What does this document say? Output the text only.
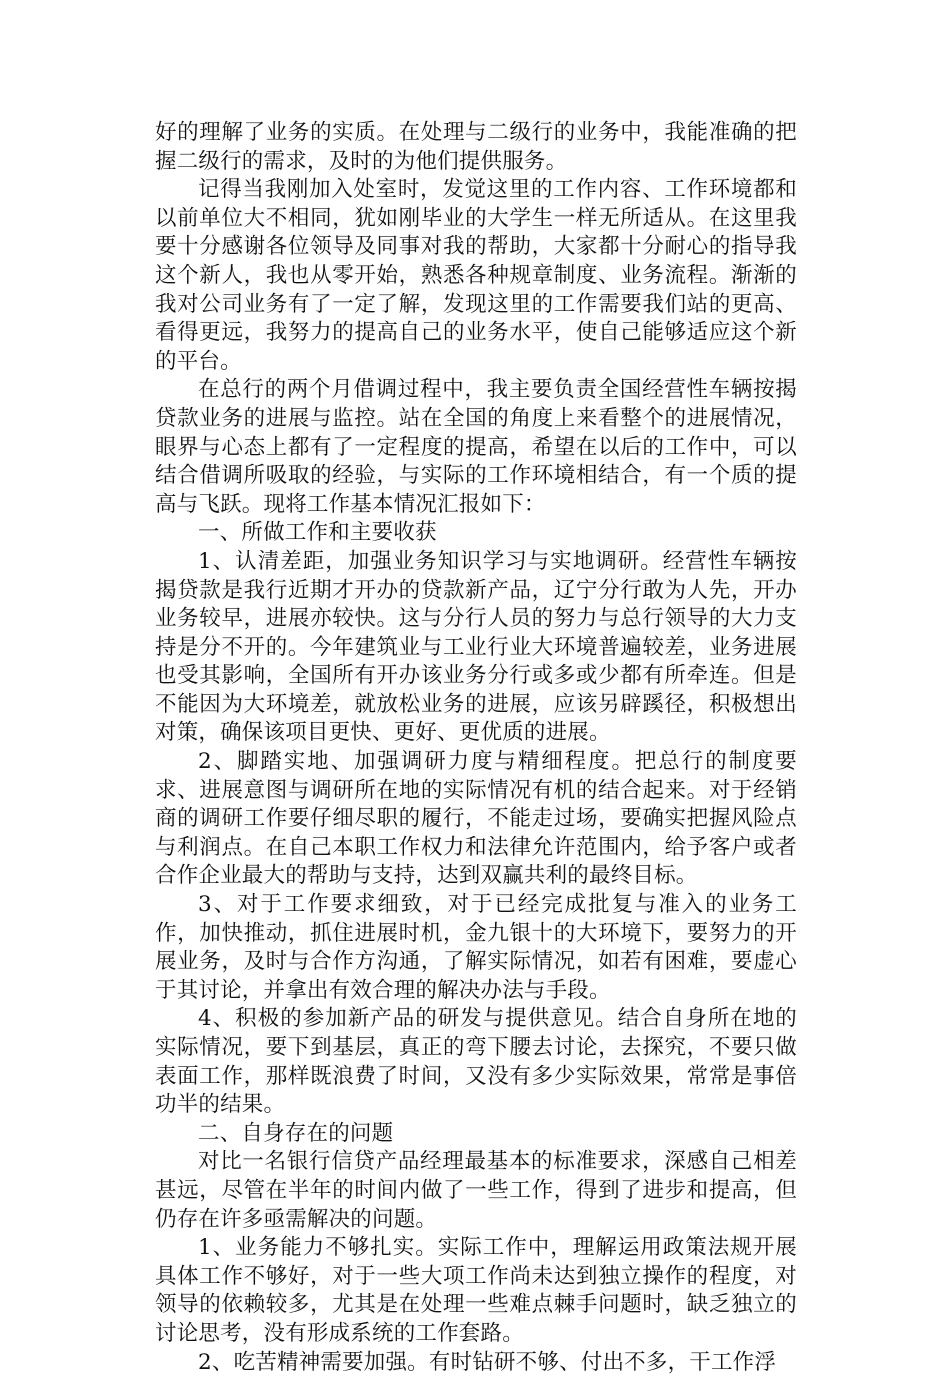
好的理解了业务的实质。在处理与二级行的业务中，我能准确的把握二级行的需求，及时的为他们提供服务。

记得当我刚加入处室时，发觉这里的工作内容、工作环境都和以前单位大不相同，犹如刚毕业的大学生一样无所适从。在这里我要十分感谢各位领导及同事对我的帮助，大家都十分耐心的指导我这个新人，我也从零开始，熟悉各种规章制度、业务流程。渐渐的我对公司业务有了一定了解，发现这里的工作需要我们站的更高、看得更远，我努力的提高自己的业务水平，使自己能够适应这个新的平台。

在总行的两个月借调过程中，我主要负责全国经营性车辆按揭贷款业务的进展与监控。站在全国的角度上来看整个的进展情况，眼界与心态上都有了一定程度的提高，希望在以后的工作中，可以结合借调所吸取的经验，与实际的工作环境相结合，有一个质的提高与飞跃。现将工作基本情况汇报如下：

一、所做工作和主要收获

1、认清差距，加强业务知识学习与实地调研。经营性车辆按揭贷款是我行近期才开办的贷款新产品，辽宁分行敢为人先，开办业务较早，进展亦较快。这与分行人员的努力与总行领导的大力支持是分不开的。今年建筑业与工业行业大环境普遍较差，业务进展也受其影响，全国所有开办该业务分行或多或少都有所牵连。但是不能因为大环境差，就放松业务的进展，应该另辟蹊径，积极想出对策，确保该项目更快、更好、更优质的进展。

2、脚踏实地、加强调研力度与精细程度。把总行的制度要求、进展意图与调研所在地的实际情况有机的结合起来。对于经销商的调研工作要仔细尽职的履行，不能走过场，要确实把握风险点与利润点。在自己本职工作权力和法律允许范围内，给予客户或者合作企业最大的帮助与支持，达到双赢共利的最终目标。

3、对于工作要求细致，对于已经完成批复与准入的业务工作，加快推动，抓住进展时机，金九银十的大环境下，要努力的开展业务，及时与合作方沟通，了解实际情况，如若有困难，要虚心于其讨论，并拿出有效合理的解决办法与手段。

4、积极的参加新产品的研发与提供意见。结合自身所在地的实际情况，要下到基层，真正的弯下腰去讨论，去探究，不要只做表面工作，那样既浪费了时间，又没有多少实际效果，常常是事倍功半的结果。

二、自身存在的问题

对比一名银行信贷产品经理最基本的标准要求，深感自己相差甚远，尽管在半年的时间内做了一些工作，得到了进步和提高，但仍存在许多亟需解决的问题。

1、业务能力不够扎实。实际工作中，理解运用政策法规开展具体工作不够好，对于一些大项工作尚未达到独立操作的程度，对领导的依赖较多，尤其是在处理一些难点棘手问题时，缺乏独立的讨论思考，没有形成系统的工作套路。

2、吃苦精神需要加强。有时钻研不够、付出不多，干工作浮
